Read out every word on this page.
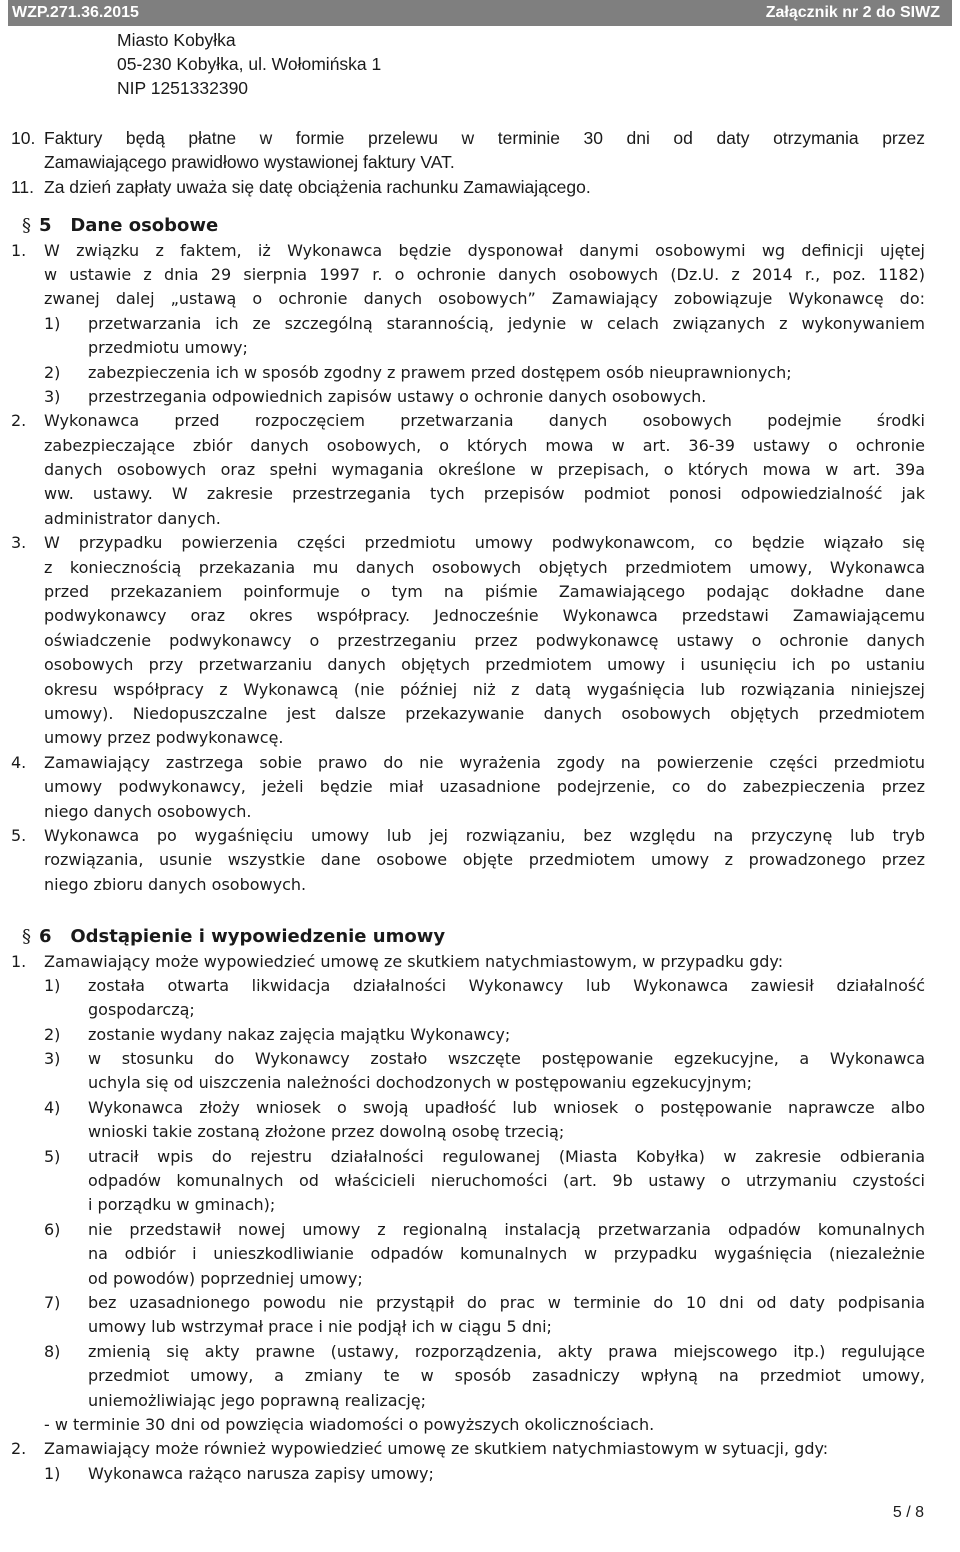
WZP.271.36.2015	Załącznik nr 2 do SIWZ
Miasto Kobyłka
05-230 Kobyłka, ul. Wołomińska 1
NIP 1251332390
10. Faktury będą płatne w formie przelewu w terminie 30 dni od daty otrzymania przez
Zamawiającego prawidłowo wystawionej faktury VAT.
11. Za dzień zapłaty uważa się datę obciążenia rachunku Zamawiającego.
§ 5   Dane osobowe
1. W związku z faktem, iż Wykonawca będzie dysponował danymi osobowymi wg definicji ujętej
w ustawie z dnia 29 sierpnia 1997 r. o ochronie danych osobowych (Dz.U. z 2014 r., poz. 1182)
zwanej dalej „ustawą o ochronie danych osobowych” Zamawiający zobowiązuje Wykonawcę do:
1) przetwarzania ich ze szczególną starannością, jedynie w celach związanych z wykonywaniem
przedmiotu umowy;
2) zabezpieczenia ich w sposób zgodny z prawem przed dostępem osób nieuprawnionych;
3) przestrzegania odpowiednich zapisów ustawy o ochronie danych osobowych.
2. Wykonawca przed rozpoczęciem przetwarzania danych osobowych podejmie środki
zabezpieczające zbiór danych osobowych, o których mowa w art. 36-39 ustawy o ochronie
danych osobowych oraz spełni wymagania określone w przepisach, o których mowa w art. 39a
ww. ustawy. W zakresie przestrzegania tych przepisów podmiot ponosi odpowiedzialność jak
administrator danych.
3. W przypadku powierzenia części przedmiotu umowy podwykonawcom, co będzie wiązało się
z koniecznością przekazania mu danych osobowych objętych przedmiotem umowy, Wykonawca
przed przekazaniem poinformuje o tym na piśmie Zamawiającego podając dokładne dane
podwykonawcy oraz okres współpracy. Jednocześnie Wykonawca przedstawi Zamawiającemu
oświadczenie podwykonawcy o przestrzeganiu przez podwykonawcę ustawy o ochronie danych
osobowych przy przetwarzaniu danych objętych przedmiotem umowy i usunięciu ich po ustaniu
okresu współpracy z Wykonawcą (nie później niż z datą wygaśnięcia lub rozwiązania niniejszej
umowy). Niedopuszczalne jest dalsze przekazywanie danych osobowych objętych przedmiotem
umowy przez podwykonawcę.
4. Zamawiający zastrzega sobie prawo do nie wyrażenia zgody na powierzenie części przedmiotu
umowy podwykonawcy, jeżeli będzie miał uzasadnione podejrzenie, co do zabezpieczenia przez
niego danych osobowych.
5. Wykonawca po wygaśnięciu umowy lub jej rozwiązaniu, bez względu na przyczynę lub tryb
rozwiązania, usunie wszystkie dane osobowe objęte przedmiotem umowy z prowadzonego przez
niego zbioru danych osobowych.
§ 6   Odstąpienie i wypowiedzenie umowy
1. Zamawiający może wypowiedzieć umowę ze skutkiem natychmiastowym, w przypadku gdy:
1) została otwarta likwidacja działalności Wykonawcy lub Wykonawca zawiesił działalność
gospodarczą;
2) zostanie wydany nakaz zajęcia majątku Wykonawcy;
3) w stosunku do Wykonawcy zostało wszczęte postępowanie egzekucyjne, a Wykonawca
uchyla się od uiszczenia należności dochodzonych w postępowaniu egzekucyjnym;
4) Wykonawca złoży wniosek o swoją upadłość lub wniosek o postępowanie naprawcze albo
wnioski takie zostaną złożone przez dowolną osobę trzecią;
5) utracił wpis do rejestru działalności regulowanej (Miasta Kobyłka) w zakresie odbierania
odpadów komunalnych od właścicieli nieruchomości (art. 9b ustawy o utrzymaniu czystości
i porządku w gminach);
6) nie przedstawił nowej umowy z regionalną instalacją przetwarzania odpadów komunalnych
na odbiór i unieszkodliwianie odpadów komunalnych w przypadku wygaśnięcia (niezależnie
od powodów) poprzedniej umowy;
7) bez uzasadnionego powodu nie przystąpił do prac w terminie do 10 dni od daty podpisania
umowy lub wstrzymał prace i nie podjął ich w ciągu 5 dni;
8) zmienią się akty prawne (ustawy, rozporządzenia, akty prawa miejscowego itp.) regulujące
przedmiot umowy, a zmiany te w sposób zasadniczy wpłyną na przedmiot umowy,
uniemożliwiając jego poprawną realizację;
- w terminie 30 dni od powzięcia wiadomości o powyższych okolicznościach.
2. Zamawiający może również wypowiedzieć umowę ze skutkiem natychmiastowym w sytuacji, gdy:
1) Wykonawca rażąco narusza zapisy umowy;
5 / 8
